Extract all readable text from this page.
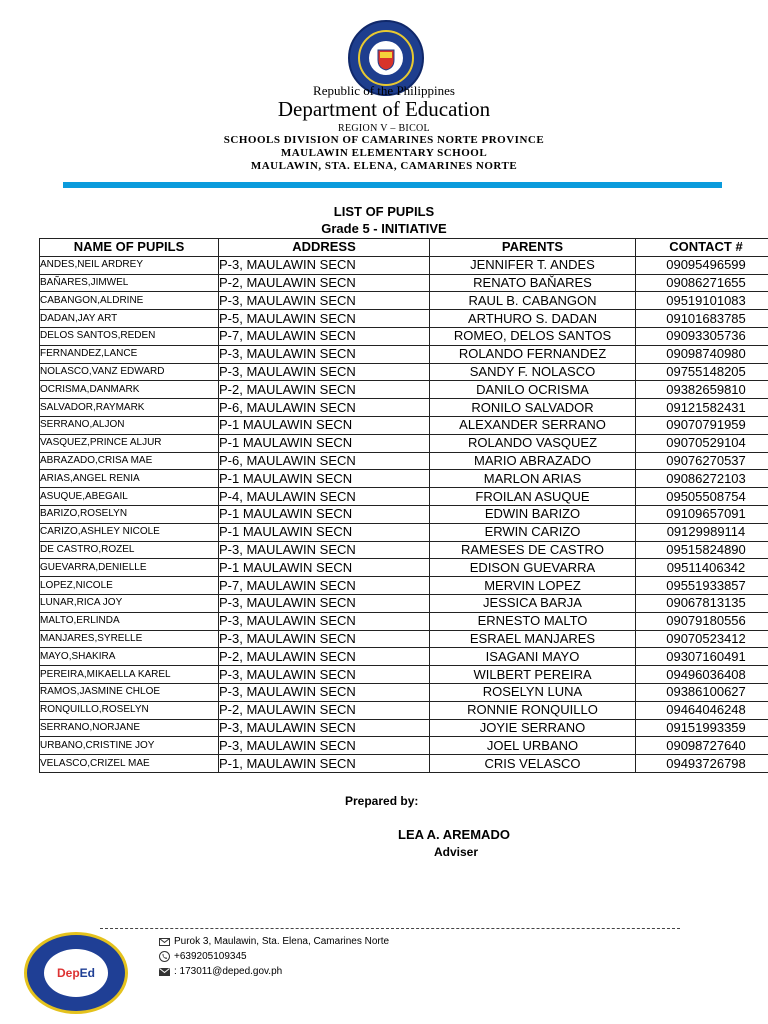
Republic of the Philippines
Department of Education
REGION V – BICOL
SCHOOLS DIVISION OF CAMARINES NORTE PROVINCE
MAULAWIN ELEMENTARY SCHOOL
MAULAWIN, STA. ELENA, CAMARINES NORTE
LIST OF PUPILS
Grade 5 - INITIATIVE
NAME OF PUPILS	ADDRESS	PARENTS	CONTACT #
ANDES,NEIL ARDREY	P-3, MAULAWIN SECN	JENNIFER T. ANDES	09095496599
BAÑARES,JIMWEL	P-2, MAULAWIN SECN	RENATO BAŇARES	09086271655
CABANGON,ALDRINE	P-3, MAULAWIN SECN	RAUL B. CABANGON	09519101083
DADAN,JAY ART	P-5, MAULAWIN SECN	ARTHURO S. DADAN	09101683785
DELOS SANTOS,REDEN	P-7, MAULAWIN SECN	ROMEO, DELOS SANTOS	09093305736
FERNANDEZ,LANCE	P-3, MAULAWIN SECN	ROLANDO FERNANDEZ	09098740980
NOLASCO,VANZ EDWARD	P-3, MAULAWIN SECN	SANDY F. NOLASCO	09755148205
OCRISMA,DANMARK	P-2, MAULAWIN SECN	DANILO OCRISMA	09382659810
SALVADOR,RAYMARK	P-6, MAULAWIN SECN	RONILO SALVADOR	09121582431
SERRANO,ALJON	P-1 MAULAWIN SECN	ALEXANDER SERRANO	09070791959
VASQUEZ,PRINCE ALJUR	P-1 MAULAWIN SECN	ROLANDO VASQUEZ	09070529104
ABRAZADO,CRISA MAE	P-6, MAULAWIN SECN	MARIO ABRAZADO	09076270537
ARIAS,ANGEL RENIA	P-1 MAULAWIN SECN	MARLON ARIAS	09086272103
ASUQUE,ABEGAIL	P-4, MAULAWIN SECN	FROILAN ASUQUE	09505508754
BARIZO,ROSELYN	P-1 MAULAWIN SECN	EDWIN BARIZO	09109657091
CARIZO,ASHLEY NICOLE	P-1 MAULAWIN SECN	ERWIN CARIZO	09129989114
DE CASTRO,ROZEL	P-3, MAULAWIN SECN	RAMESES DE CASTRO	09515824890
GUEVARRA,DENIELLE	P-1 MAULAWIN SECN	EDISON GUEVARRA	09511406342
LOPEZ,NICOLE	P-7, MAULAWIN SECN	MERVIN LOPEZ	09551933857
LUNAR,RICA JOY	P-3, MAULAWIN SECN	JESSICA BARJA	09067813135
MALTO,ERLINDA	P-3, MAULAWIN SECN	ERNESTO MALTO	09079180556
MANJARES,SYRELLE	P-3, MAULAWIN SECN	ESRAEL MANJARES	09070523412
MAYO,SHAKIRA	P-2, MAULAWIN SECN	ISAGANI MAYO	09307160491
PEREIRA,MIKAELLA KAREL	P-3, MAULAWIN SECN	WILBERT PEREIRA	09496036408
RAMOS,JASMINE CHLOE	P-3, MAULAWIN SECN	ROSELYN LUNA	09386100627
RONQUILLO,ROSELYN	P-2, MAULAWIN SECN	RONNIE RONQUILLO	09464046248
SERRANO,NORJANE	P-3, MAULAWIN SECN	JOYIE SERRANO	09151993359
URBANO,CRISTINE JOY	P-3, MAULAWIN SECN	JOEL URBANO	09098727640
VELASCO,CRIZEL MAE	P-1, MAULAWIN SECN	CRIS VELASCO	09493726798
Prepared by:
LEA A. AREMADO
Adviser
Dep Ed
Purok 3, Maulawin, Sta. Elena, Camarines Norte
+639205109345
: 173011@deped.gov.ph
